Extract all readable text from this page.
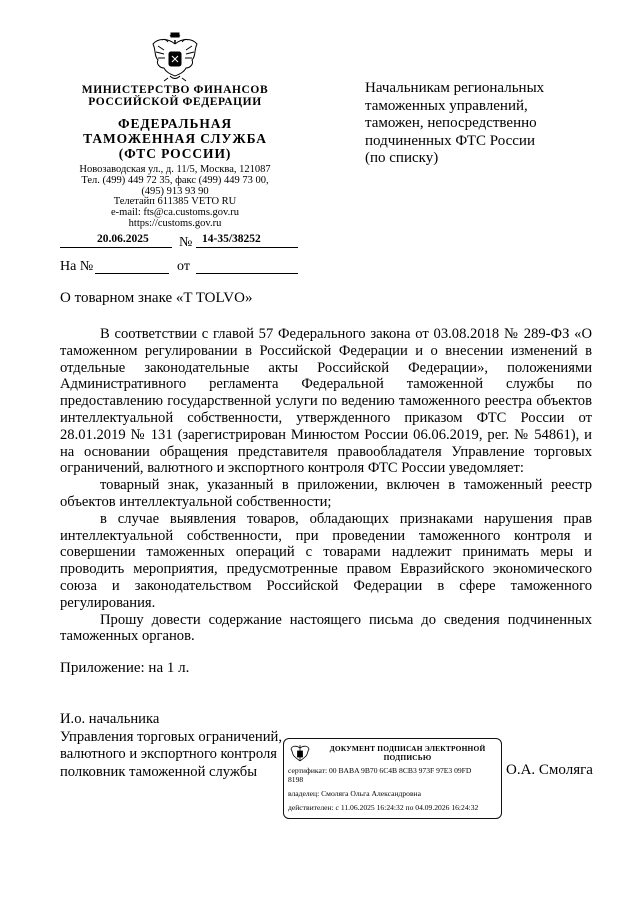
МИНИСТЕРСТВО ФИНАНСОВ
РОССИЙСКОЙ ФЕДЕРАЦИИ
ФЕДЕРАЛЬНАЯ
ТАМОЖЕННАЯ СЛУЖБА
(ФТС РОССИИ)
Новозаводская ул., д. 11/5, Москва, 121087
Тел. (499) 449 72 35, факс (499) 449 73 00,
(495) 913 93 90
Телетайп 611385 VETO RU
e-mail: fts@ca.customs.gov.ru
https://customs.gov.ru
Начальникам региональных
таможенных управлений,
таможен, непосредственно
подчиненных ФТС России
(по списку)
20.06.2025 № 14-35/38252
На №	от
О товарном знаке «T TOLVO»

В соответствии с главой 57 Федерального закона от 03.08.2018 № 289-ФЗ «О таможенном регулировании в Российской Федерации и о внесении изменений в отдельные законодательные акты Российской Федерации», положениями Административного регламента Федеральной таможенной службы по предоставлению государственной услуги по ведению таможенного реестра объектов интеллектуальной собственности, утвержденного приказом ФТС России от 28.01.2019 № 131 (зарегистрирован Минюстом России 06.06.2019, рег. № 54861), и на основании обращения представителя правообладателя Управление торговых ограничений, валютного и экспортного контроля ФТС России уведомляет:

товарный знак, указанный в приложении, включен в таможенный реестр объектов интеллектуальной собственности;

в случае выявления товаров, обладающих признаками нарушения прав интеллектуальной собственности, при проведении таможенного контроля и совершении таможенных операций с товарами надлежит принимать меры и проводить мероприятия, предусмотренные правом Евразийского экономического союза и законодательством Российской Федерации в сфере таможенного регулирования.

Прошу довести содержание настоящего письма до сведения подчиненных таможенных органов.

Приложение: на 1 л.
И.о. начальника
Управления торговых ограничений,
валютного и экспортного контроля
полковник таможенной службы	О.А. Смоляга
ДОКУМЕНТ ПОДПИСАН ЭЛЕКТРОННОЙ
ПОДПИСЬЮ
сертификат: 00 BABA 9B70 6C4B 8CB3 973F 97E3 09FD
8198
владелец: Смоляга Ольга Александровна
действителен: с 11.06.2025 16:24:32 по 04.09.2026 16:24:32
